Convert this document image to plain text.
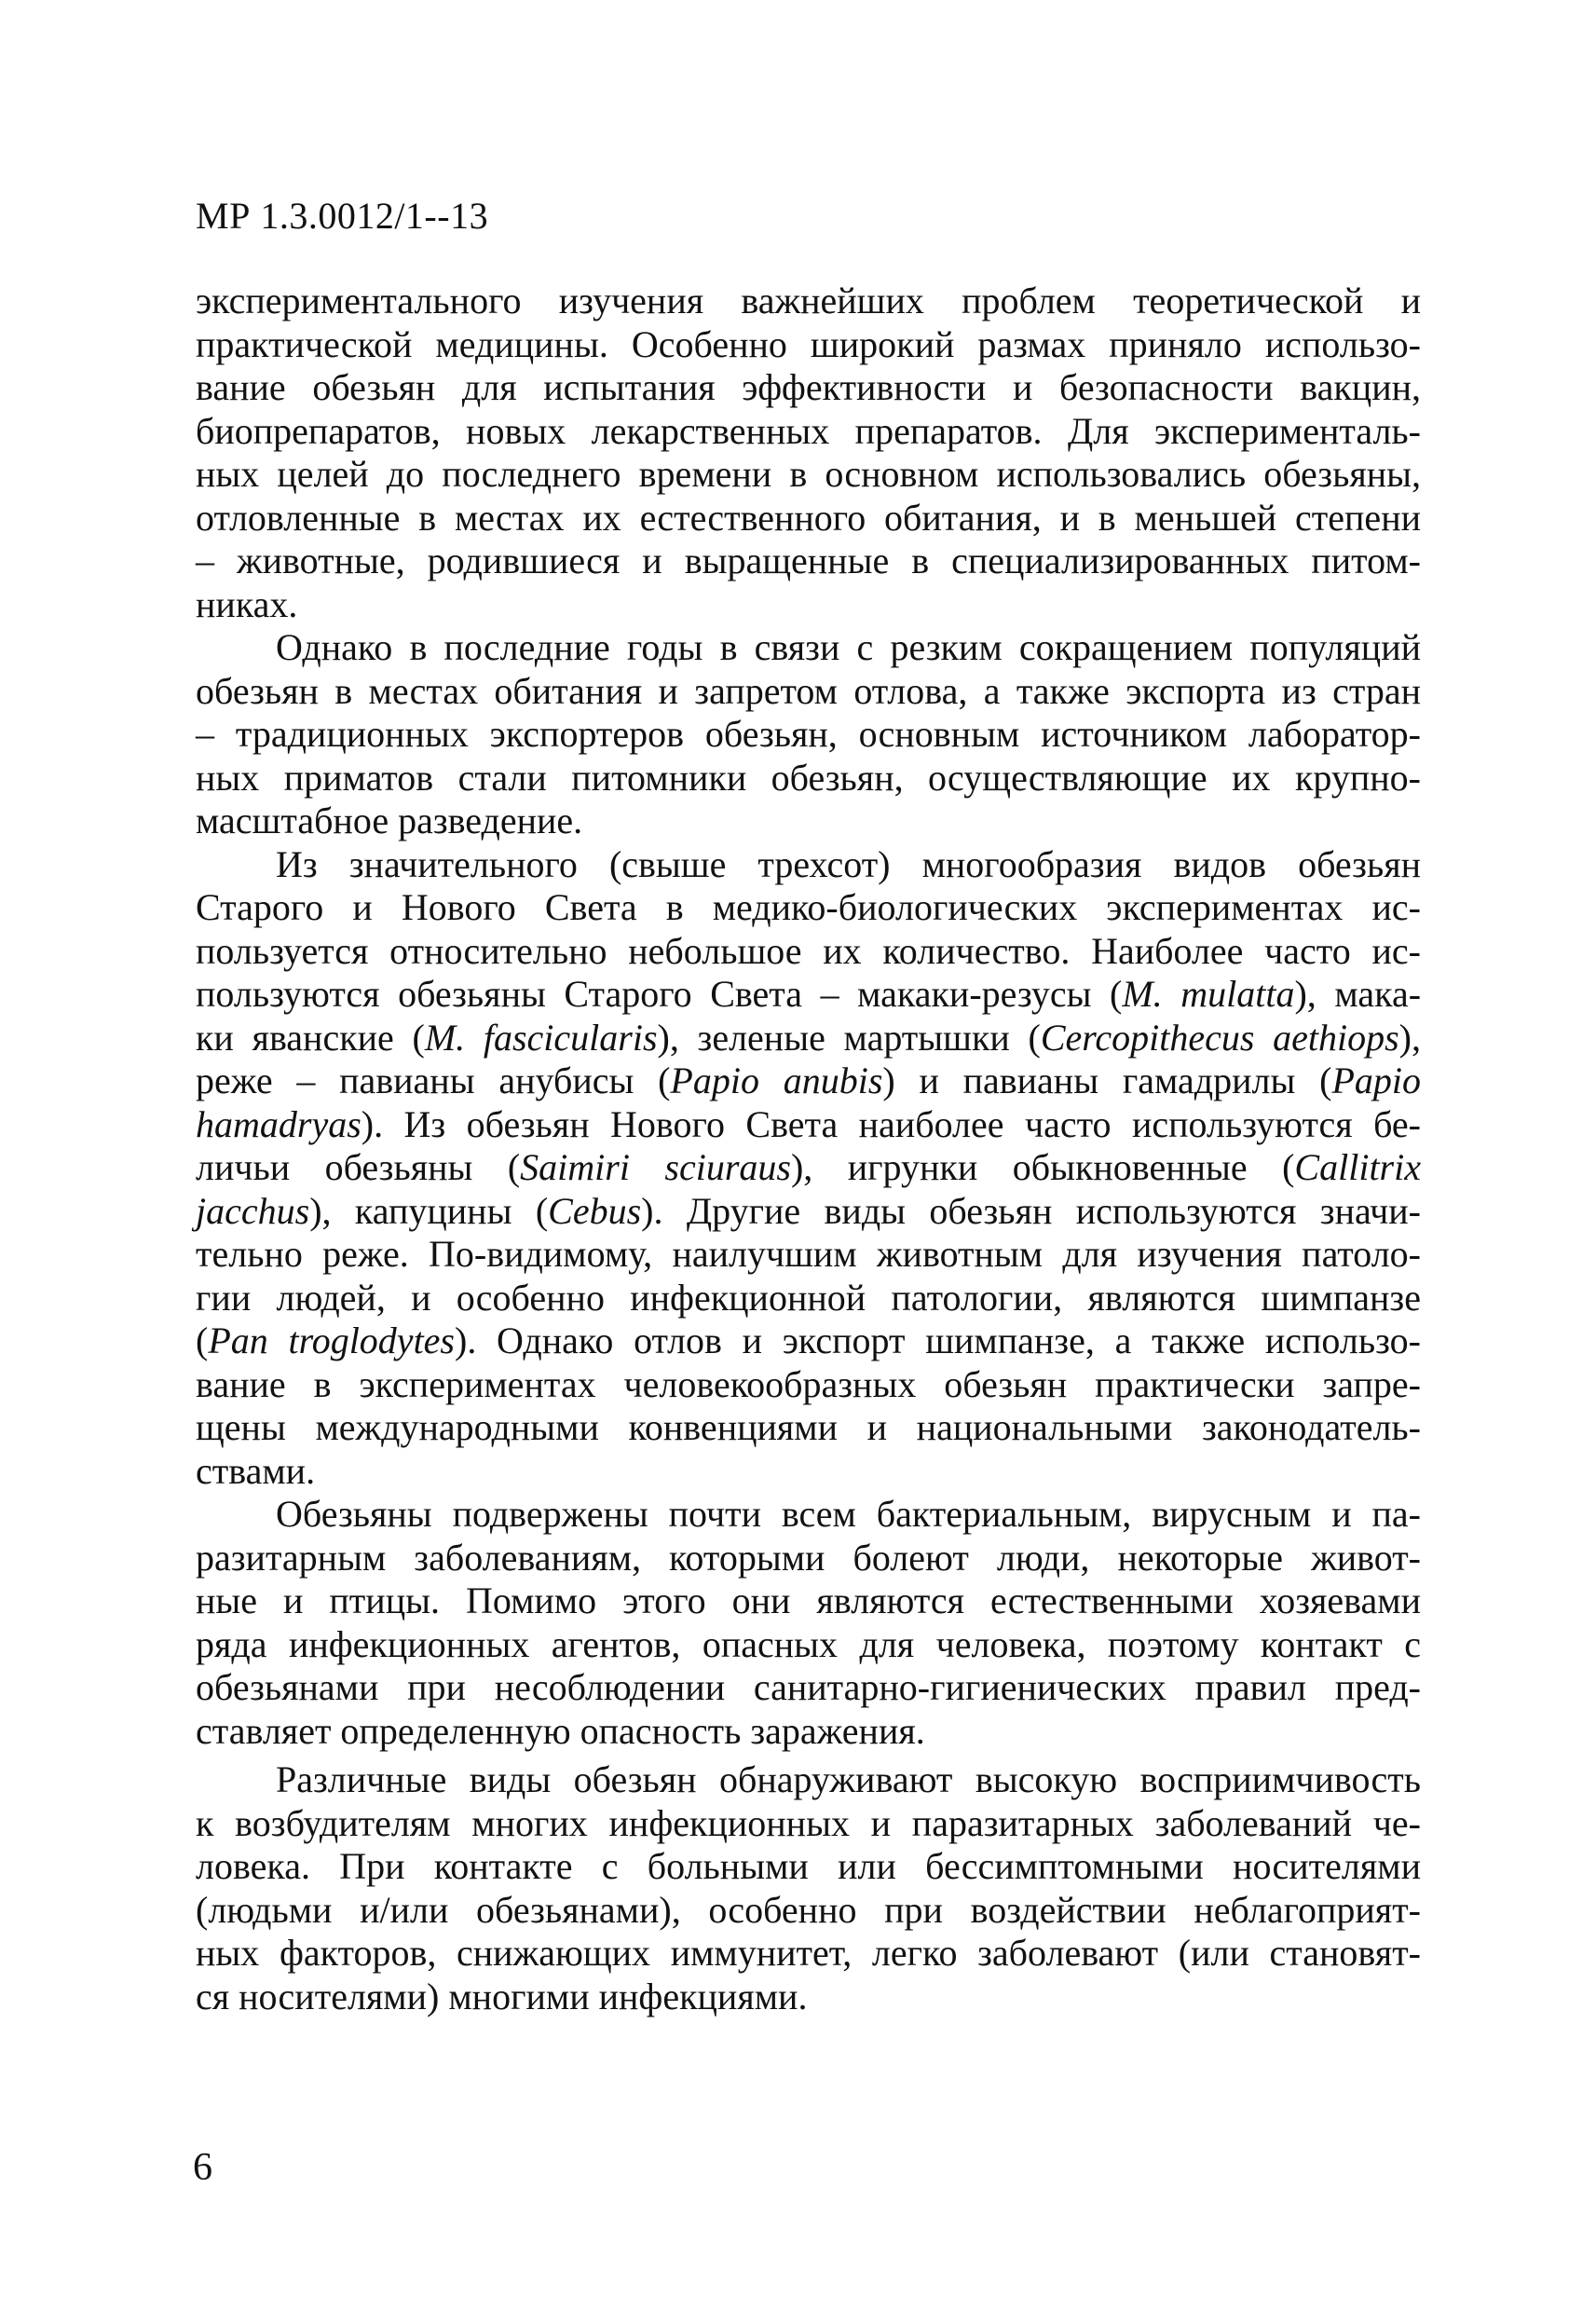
МР 1.3.0012/1--13
экспериментального изучения важнейших проблем теоретической и
практической медицины. Особенно широкий размах приняло использо-
вание обезьян для испытания эффективности и безопасности вакцин,
биопрепаратов, новых лекарственных препаратов. Для эксперименталь-
ных целей до последнего времени в основном использовались обезьяны,
отловленные в местах их естественного обитания, и в меньшей степени
– животные, родившиеся и выращенные в специализированных питом-
никах.
Однако в последние годы в связи с резким сокращением популяций
обезьян в местах обитания и запретом отлова, а также экспорта из стран
– традиционных экспортеров обезьян, основным источником лаборатор-
ных приматов стали питомники обезьян, осуществляющие их крупно-
масштабное разведение.
Из значительного (свыше трехсот) многообразия видов обезьян
Старого и Нового Света в медико-биологических экспериментах ис-
пользуется относительно небольшое их количество. Наиболее часто ис-
пользуются обезьяны Старого Света – макаки-резусы (M. mulatta), мака-
ки яванские (M. fascicularis), зеленые мартышки (Cercopithecus aethiops),
реже – павианы анубисы (Papio anubis) и павианы гамадрилы (Papio
hamadryas). Из обезьян Нового Света наиболее часто используются бе-
личьи обезьяны (Saimiri sciuraus), игрунки обыкновенные (Callitrix
jacchus), капуцины (Cebus). Другие виды обезьян используются значи-
тельно реже. По-видимому, наилучшим животным для изучения патоло-
гии людей, и особенно инфекционной патологии, являются шимпанзе
(Pan troglodytes). Однако отлов и экспорт шимпанзе, а также использо-
вание в экспериментах человекообразных обезьян практически запре-
щены международными конвенциями и национальными законодатель-
ствами.
Обезьяны подвержены почти всем бактериальным, вирусным и па-
разитарным заболеваниям, которыми болеют люди, некоторые живот-
ные и птицы. Помимо этого они являются естественными хозяевами
ряда инфекционных агентов, опасных для человека, поэтому контакт с
обезьянами при несоблюдении санитарно-гигиенических правил пред-
ставляет определенную опасность заражения.
Различные виды обезьян обнаруживают высокую восприимчивость
к возбудителям многих инфекционных и паразитарных заболеваний че-
ловека. При контакте с больными или бессимптомными носителями
(людьми и/или обезьянами), особенно при воздействии неблагоприят-
ных факторов, снижающих иммунитет, легко заболевают (или становят-
ся носителями) многими инфекциями.
6
